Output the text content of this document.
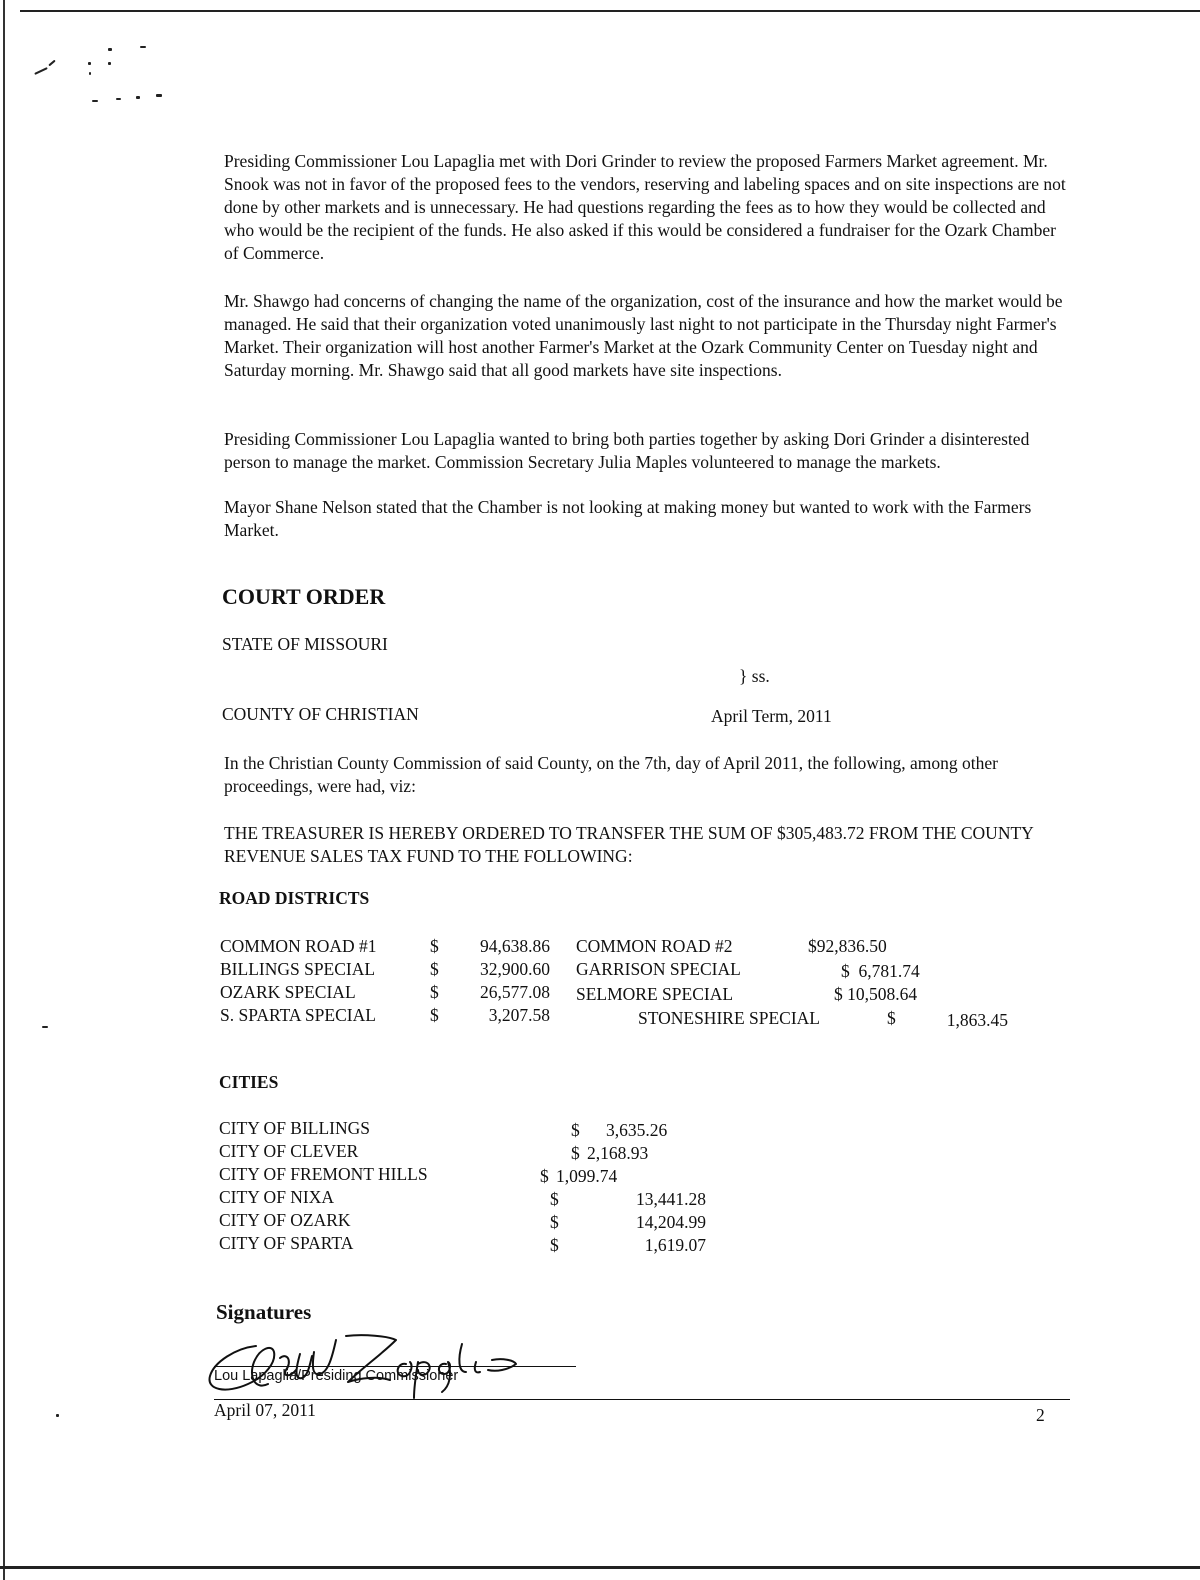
Presiding Commissioner Lou Lapaglia met with Dori Grinder to review the proposed Farmers Market agreement. Mr. Snook was not in favor of the proposed fees to the vendors, reserving and labeling spaces and on site inspections are not done by other markets and is unnecessary. He had questions regarding the fees as to how they would be collected and who would be the recipient of the funds. He also asked if this would be considered a fundraiser for the Ozark Chamber of Commerce.

Mr. Shawgo had concerns of changing the name of the organization, cost of the insurance and how the market would be managed. He said that their organization voted unanimously last night to not participate in the Thursday night Farmer's Market. Their organization will host another Farmer's Market at the Ozark Community Center on Tuesday night and Saturday morning. Mr. Shawgo said that all good markets have site inspections.

Presiding Commissioner Lou Lapaglia wanted to bring both parties together by asking Dori Grinder a disinterested person to manage the market. Commission Secretary Julia Maples volunteered to manage the markets.

Mayor Shane Nelson stated that the Chamber is not looking at making money but wanted to work with the Farmers Market.

COURT ORDER
STATE OF MISSOURI
} ss.
COUNTY OF CHRISTIAN	April Term, 2011

In the Christian County Commission of said County, on the 7th, day of April 2011, the following, among other proceedings, were had, viz:

THE TREASURER IS HEREBY ORDERED TO TRANSFER THE SUM OF $305,483.72 FROM THE COUNTY REVENUE SALES TAX FUND TO THE FOLLOWING:

ROAD DISTRICTS
COMMON ROAD #1	$	94,638.86 COMMON ROAD #2	$92,836.50
BILLINGS SPECIAL	$	32,900.60 GARRISON SPECIAL	$  6,781.74
OZARK SPECIAL	$	26,577.08 SELMORE SPECIAL	$ 10,508.64
S. SPARTA SPECIAL	$	3,207.58	STONESHIRE SPECIAL	$	1,863.45
CITIES
CITY OF BILLINGS	$ 3,635.26
CITY OF CLEVER	$ 2,168.93
CITY OF FREMONT HILLS	$ 1,099.74
CITY OF NIXA	$	13,441.28
CITY OF OZARK	$	14,204.99
CITY OF SPARTA	$	1,619.07
Signatures
Lou Lapaglia/Presiding Commissioner
April 07, 2011	2
